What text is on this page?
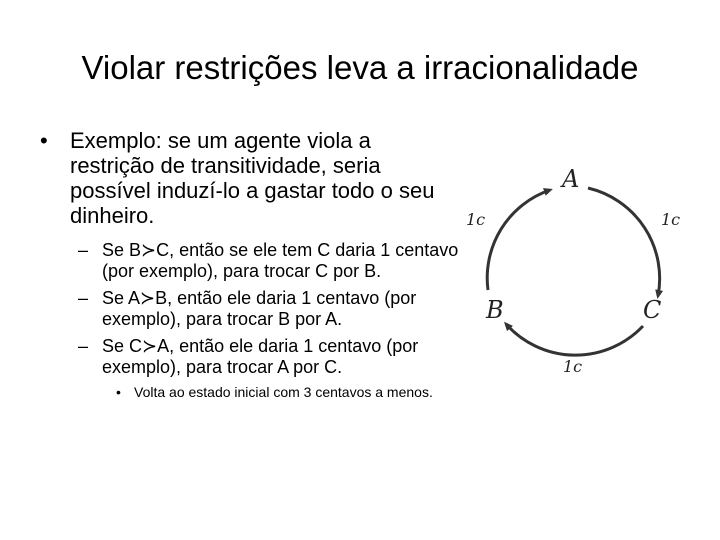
Violar restrições leva a irracionalidade
• Exemplo: se um agente viola a restrição de transitividade, seria possível induzí-lo a gastar todo o seu dinheiro.
– Se B≻C, então se ele tem C daria 1 centavo (por exemplo), para trocar C por B.
– Se A≻B, então ele daria 1 centavo (por exemplo), para trocar B por A.
– Se C≻A, então ele daria 1 centavo (por exemplo), para trocar A por C.
• Volta ao estado inicial com 3 centavos a menos.
A
B	C
1c	1c
1c
